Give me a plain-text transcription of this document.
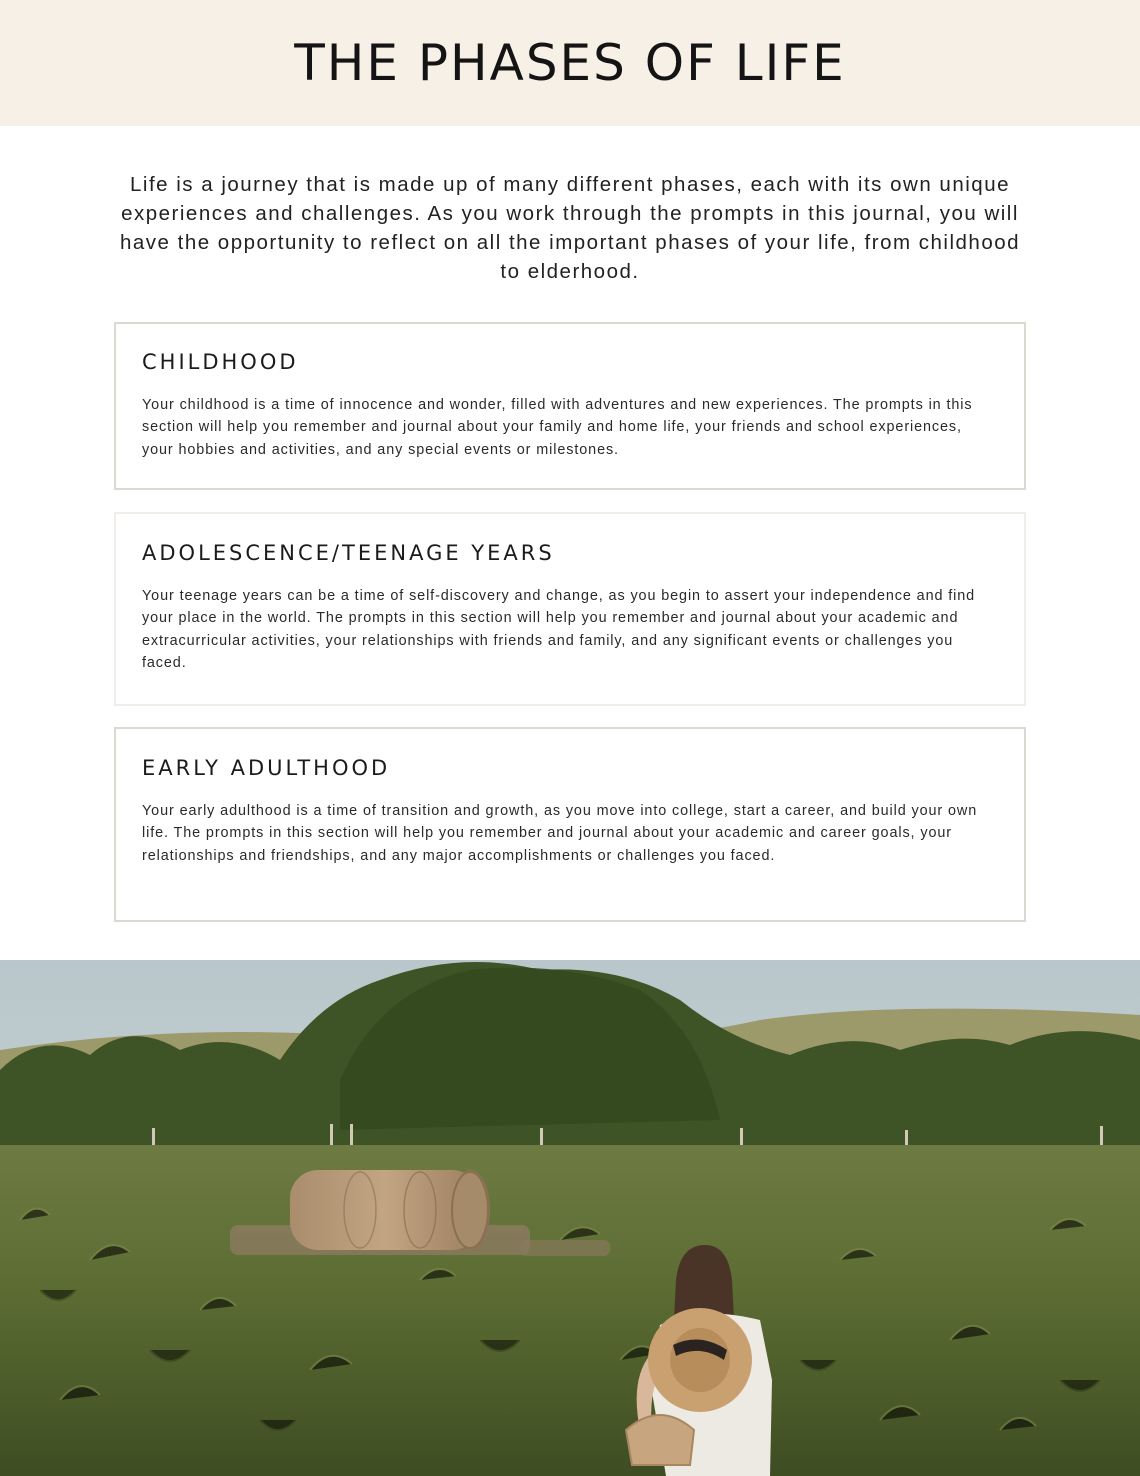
THE PHASES OF LIFE

Life is a journey that is made up of many different phases, each with its own unique experiences and challenges. As you work through the prompts in this journal, you will have the opportunity to reflect on all the important phases of your life, from childhood to elderhood.

CHILDHOOD

Your childhood is a time of innocence and wonder, filled with adventures and new experiences. The prompts in this section will help you remember and journal about your family and home life, your friends and school experiences, your hobbies and activities, and any special events or milestones.

ADOLESCENCE/TEENAGE YEARS

Your teenage years can be a time of self-discovery and change, as you begin to assert your independence and find your place in the world. The prompts in this section will help you remember and journal about your academic and extracurricular activities, your relationships with friends and family, and any significant events or challenges you faced.

EARLY ADULTHOOD

Your early adulthood is a time of transition and growth, as you move into college, start a career, and build your own life. The prompts in this section will help you remember and journal about your academic and career goals, your relationships and friendships, and any major accomplishments or challenges you faced.
